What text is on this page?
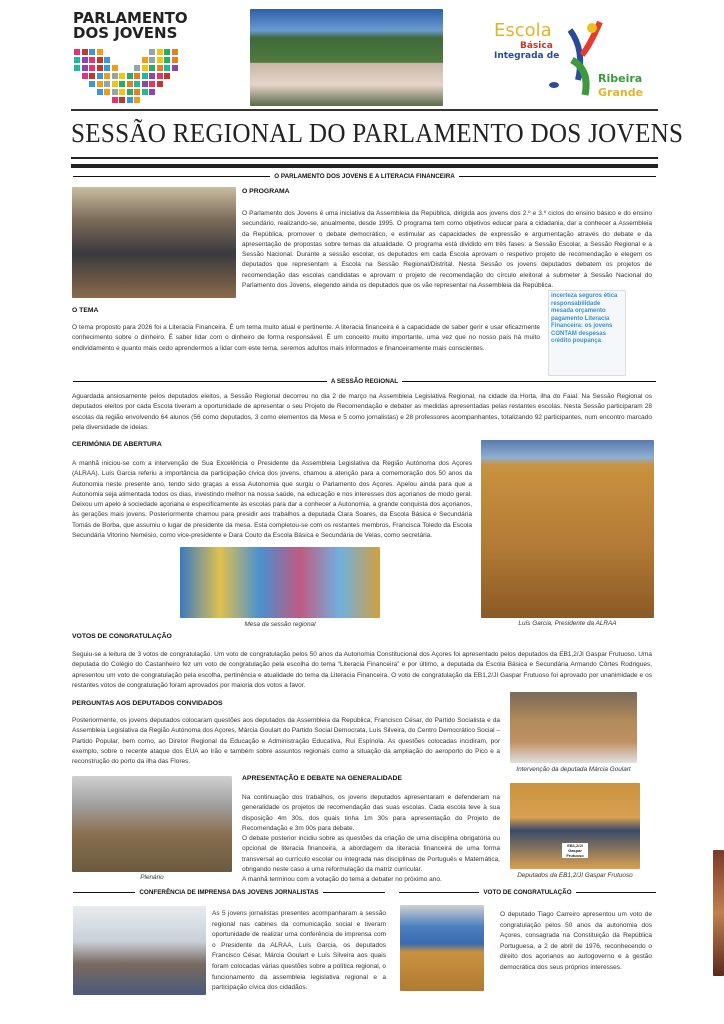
PARLAMENTO
DOS JOVENS	Escola
Básica
Integrada de
Ribeira
Grande
SESSÃO REGIONAL DO PARLAMENTO DOS JOVENS
O PARLAMENTO DOS JOVENS E A LITERACIA FINANCEIRA
O PROGRAMA
O Parlamento dos Jovens é uma iniciativa da Assembleia da República, dirigida aos jovens dos 2.º e 3.º ciclos do ensino básico e do ensino secundário, realizando-se, anualmente, desde 1995. O programa tem como objetivos educar para a cidadania, dar a conhecer a Assembleia da República, promover o debate democrático, e estimular as capacidades de expressão e argumentação através do debate e da apresentação de propostas sobre temas da atualidade. O programa está dividido em três fases: a Sessão Escolar, a Sessão Regional e a Sessão Nacional. Durante a sessão escolar, os deputados em cada Escola aprovam o respetivo projeto de recomendação e elegem os deputados que representam a Escola na Sessão Regional/Distrital. Nesta Sessão os jovens deputados debatem os projetos de recomendação das escolas candidatas e aprovam o projeto de recomendação do círculo eleitoral a submeter à Sessão Nacional do Parlamento dos Jovens, elegendo ainda os deputados que os vão representar na Assembleia da República.
incerteza seguros ética responsabilidade mesada orçamento pagamento Literacia Financeira: os jovens CONTAM despesas crédito poupança
O TEMA
O tema proposto para 2026 foi a Literacia Financeira. É um tema muito atual e pertinente. A literacia financeira é a capacidade de saber gerir e usar eficazmente conhecimento sobre o dinheiro. É saber lidar com o dinheiro de forma responsável. É um conceito muito importante, uma vez que no nosso país há muito endividamento e quanto mais cedo aprendermos a lidar com este tema, seremos adultos mais informados e financeiramente mais conscientes.
A SESSÃO REGIONAL
Aguardada ansiosamente pelos deputados eleitos, a Sessão Regional decorreu no dia 2 de março na Assembleia Legislativa Regional, na cidade da Horta, ilha do Faial. Na Sessão Regional os deputados eleitos por cada Escola tiveram a oportunidade de apresentar o seu Projeto de Recomendação e debater as medidas apresentadas pelas restantes escolas. Nesta Sessão participaram 28 escolas da região envolvendo 64 alunos (56 como deputados, 3 como elementos da Mesa e 5 como jornalistas) e 28 professores acompanhantes, totalizando 92 participantes, num encontro marcado pela diversidade de ideias.
CERIMÓNIA DE ABERTURA
A manhã iniciou-se com a intervenção de Sua Excelência o Presidente da Assembleia Legislativa da Região Autónoma dos Açores (ALRAA). Luís Garcia referiu a importância da participação cívica dos jovens, chamou a atenção para a comemoração dos 50 anos da Autonomia neste presente ano, tendo sido graças a essa Autonomia que surgiu o Parlamento dos Açores. Apelou ainda para que a Autonomia seja alimentada todos os dias, investindo melhor na nossa saúde, na educação e nos interesses dos açorianos de modo geral. Deixou um apelo à sociedade açoriana e especificamente às escolas para dar a conhecer a Autonomia, a grande conquista dos açorianos, às gerações mais jovens. Posteriormente chamou para presidir aos trabalhos a deputada Clara Soares, da Escola Básica e Secundária Tomás de Borba, que assumiu o lugar de presidente da mesa. Esta completou-se com os restantes membros, Francisca Toledo da Escola Secundária Vitorino Nemésio, como vice-presidente e Dara Couto da Escola Básica e Secundária de Velas, como secretária.
Luís Garcia, Presidente da ALRAA
Mesa da sessão regional
VOTOS DE CONGRATULAÇÃO
Seguiu-se a leitura de 3 votos de congratulação. Um voto de congratulação pelos 50 anos da Autonomia Constitucional dos Açores foi apresentado pelos deputados da EB1,2/JI Gaspar Frutuoso. Uma deputada do Colégio do Castanheiro fez um voto de congratulação pela escolha do tema “Literacia Financeira” e por último, a deputada da Escola Básica e Secundária Armando Côrtes Rodrigues, apresentou um voto de congratulação pela escolha, pertinência e atualidade do tema da Literacia Financeira. O voto de congratulação da EB1,2/JI Gaspar Frutuoso foi aprovado por unanimidade e os restantes votos de congratulação foram aprovados por maioria dos votos a favor.
PERGUNTAS AOS DEPUTADOS CONVIDADOS
Posteriormente, os jovens deputados colocaram questões aos deputados da Assembleia da República, Francisco César, do Partido Socialista e da Assembleia Legislativa da Região Autónoma dos Açores, Márcia Goulart do Partido Social Democrata, Luís Silveira, do Centro Democrático Social – Partido Popular, bem como, ao Diretor Regional da Educação e Administração Educativa, Rui Espínola. As questões colocadas incidiram, por exemplo, sobre o recente ataque dos EUA ao Irão e também sobre assuntos regionais como a situação da ampliação do aeroporto do Pico e a reconstrução do porto da ilha das Flores.
Intervenção da deputada Márcia Goulart
Plenário
APRESENTAÇÃO E DEBATE NA GENERALIDADE
Na continuação dos trabalhos, os jovens deputados apresentaram e defenderam na generalidade os projetos de recomendação das suas escolas. Cada escola teve à sua disposição 4m 30s, dos quais tinha 1m 30s para apresentação do Projeto de Recomendação e 3m 00s para debate.
O debate posterior incidiu sobre as questões da criação de uma disciplina obrigatória ou opcional de literacia financeira, a abordagem da literacia financeira de uma forma transversal ao currículo escolar ou integrada nas disciplinas de Português e Matemática, obrigando neste caso a uma reformulação da matriz curricular.
A manhã terminou com a votação do tema a debater no próximo ano.
EB1,2/JI Gaspar Frutuoso
Deputados da EB1,2/JI Gaspar Frutuoso
CONFERÊNCIA DE IMPRENSA DAS JOVENS JORNALISTAS
As 5 jovens jornalistas presentes acompanharam a sessão regional nas cabines da comunicação social e tiveram oportunidade de realizar uma conferência de imprensa com o Presidente da ALRAA, Luís Garcia, os deputados Francisco César, Márcia Goulart e Luís Silveira aos quais foram colocadas várias questões sobre a política regional, o funcionamento da assembleia legislativa regional e a participação cívica dos cidadãos.
VOTO DE CONGRATULAÇÃO
O deputado Tiago Carreiro apresentou um voto de congratulação pelos 50 anos da autonomia dos Açores, consagrada na Constituição da República Portuguesa, a 2 de abril de 1976, reconhecendo o direito dos açorianos ao autogoverno e à gestão democrática dos seus próprios interesses.
